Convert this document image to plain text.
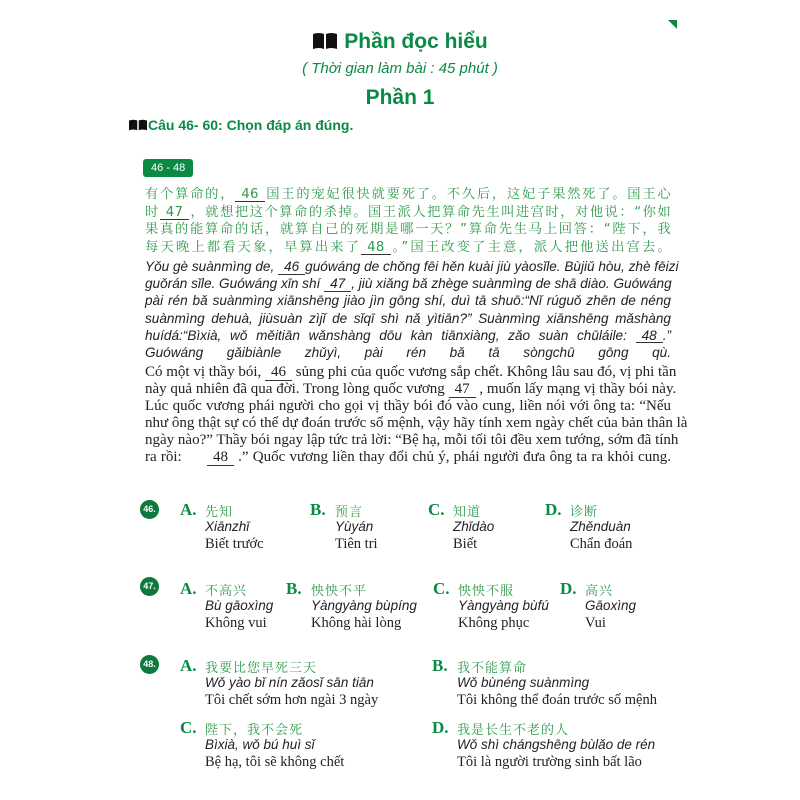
Phần đọc hiểu
( Thời gian làm bài : 45 phút )
Phần 1
Câu 46- 60: Chọn đáp án đúng.
46 - 48
有个算命的， 46 国王的宠妃很快就要死了。不久后，这妃子果然死了。国王心
时 47 ，就想把这个算命的杀掉。国王派人把算命先生叫进宫时，对他说：“你如
果真的能算命的话，就算自己的死期是哪一天？”算命先生马上回答：“陛下，我
每天晚上都看天象，早算出来了 48 。”国王改变了主意，派人把他送出宫去。
Yǒu gè suànmìng de, 46 guówáng de chǒng fēi hěn kuài jiù yàosǐle. Bùjiǔ hòu, zhè fēizi
guǒrán sǐle. Guówáng xīn shí 47 , jiù xiǎng bǎ zhège suànmìng de shā diào. Guówáng
pài rén bǎ suànmìng xiānshēng jiào jìn gōng shí, duì tā shuō:“Nǐ rúguǒ zhēn de néng
suànmìng dehuà, jiùsuàn zìjǐ de sǐqī shì nǎ yìtiān?” Suànmìng xiānshēng mǎshàng
huídá:“Bìxià, wǒ měitiān wǎnshàng dōu kàn tiānxiàng, zǎo suàn chūláile: 48 .”
Guówáng gǎibiànle zhǔyì, pài rén bǎ tā sòngchū gōng qù.
Có một vị thầy bói, 46 sủng phi của quốc vương sắp chết. Không lâu sau đó, vị phi tần
này quả nhiên đã qua đời. Trong lòng quốc vương 47 , muốn lấy mạng vị thầy bói này.
Lúc quốc vương phái người cho gọi vị thầy bói đó vào cung, liền nói với ông ta: “Nếu
như ông thật sự có thể dự đoán trước số mệnh, vậy hãy tính xem ngày chết của bản thân là
ngày nào?” Thầy bói ngay lập tức trả lời: “Bệ hạ, mỗi tối tôi đều xem tướng, sớm đã tính
ra rồi:      48 .” Quốc vương liền thay đổi chủ ý, phái người đưa ông ta ra khỏi cung.
46. A. 先知
Xiānzhī
Biết trước
B. 预言
Yùyán
Tiên tri
C. 知道
Zhīdào
Biết
D. 诊断
Zhěnduàn
Chẩn đoán
47. A. 不高兴
Bù gāoxìng
Không vui
B. 怏怏不平
Yàngyàng bùpíng
Không hài lòng
C. 怏怏不服
Yàngyàng bùfú
Không phục
D. 高兴
Gāoxìng
Vui
48. A. 我要比您早死三天
Wǒ yào bǐ nín zǎosǐ sān tiān
Tôi chết sớm hơn ngài 3 ngày
B. 我不能算命
Wǒ bùnéng suànmìng
Tôi không thể đoán trước số mệnh
C. 陛下，我不会死
Bìxià, wǒ bú huì sǐ
Bệ hạ, tôi sẽ không chết
D. 我是长生不老的人
Wǒ shì chángshēng bùlǎo de rén
Tôi là người trường sinh bất lão
